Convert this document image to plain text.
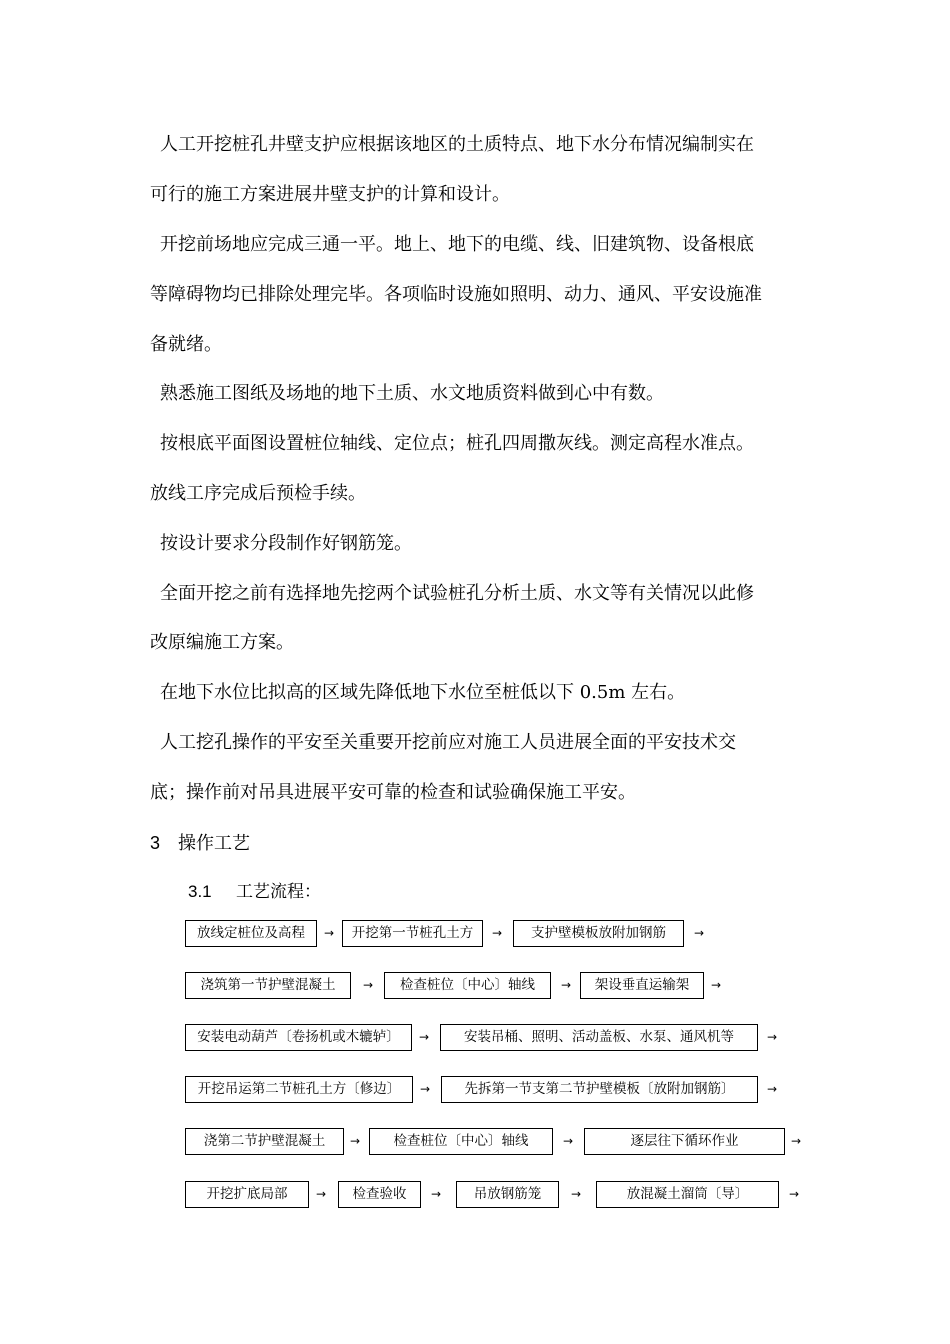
人工开挖桩孔井壁支护应根据该地区的土质特点、地下水分布情况编制实在
可行的施工方案进展井壁支护的计算和设计。
开挖前场地应完成三通一平。地上、地下的电缆、线、旧建筑物、设备根底
等障碍物均已排除处理完毕。各项临时设施如照明、动力、通风、平安设施准
备就绪。
熟悉施工图纸及场地的地下土质、水文地质资料做到心中有数。
按根底平面图设置桩位轴线、定位点；桩孔四周撒灰线。测定高程水准点。
放线工序完成后预检手续。
按设计要求分段制作好钢筋笼。
全面开挖之前有选择地先挖两个试验桩孔分析土质、水文等有关情况以此修
改原编施工方案。
在地下水位比拟高的区域先降低地下水位至桩低以下 0.5m 左右。
人工挖孔操作的平安至关重要开挖前应对施工人员进展全面的平安技术交
底；操作前对吊具进展平安可靠的检查和试验确保施工平安。
3 操作工艺
3.1 工艺流程：
放线定桩位及高程	→	开挖第一节桩孔土方	→	支护壁模板放附加钢筋	→
浇筑第一节护壁混凝土	→	检查桩位〔中心〕轴线	→	架设垂直运输架	→
安装电动葫芦〔卷扬机或木辘轳〕	→	安装吊桶、照明、活动盖板、水泵、通风机等	→
开挖吊运第二节桩孔土方〔修边〕	→	先拆第一节支第二节护壁模板〔放附加钢筋〕	→
浇第二节护壁混凝土	→	检查桩位〔中心〕轴线	→	逐层往下循环作业	→
开挖扩底局部	→	检查验收	→	吊放钢筋笼	→	放混凝土溜筒〔导〕	→
